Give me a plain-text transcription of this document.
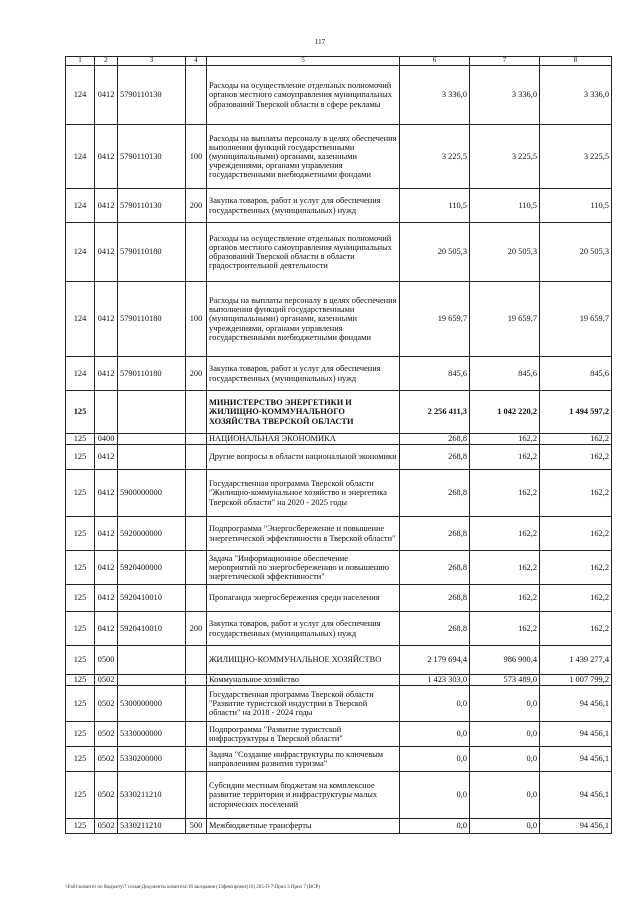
117
1	2	3	4	5	6	7	8
124	0412	5790110130		Расходы на осуществление отдельных полномочий органов местного самоуправления муниципальных образований Тверской области в сфере рекламы	3 336,0	3 336,0	3 336,0
124	0412	5790110130	100	Расходы на выплаты персоналу в целях обеспечения выполнения функций государственными (муниципальными) органами, казенными учреждениями, органами управления государственными внебюджетными фондами	3 225,5	3 225,5	3 225,5
124	0412	5790110130	200	Закупка товаров, работ и услуг для обеспечения государственных (муниципальных) нужд	110,5	110,5	110,5
124	0412	5790110180		Расходы на осуществление отдельных полномочий органов местного самоуправления муниципальных образований Тверской области в области градостроительной деятельности	20 505,3	20 505,3	20 505,3
124	0412	5790110180	100	Расходы на выплаты персоналу в целях обеспечения выполнения функций государственными (муниципальными) органами, казенными учреждениями, органами управления государственными внебюджетными фондами	19 659,7	19 659,7	19 659,7
124	0412	5790110180	200	Закупка товаров, работ и услуг для обеспечения государственных (муниципальных) нужд	845,6	845,6	845,6
125				МИНИСТЕРСТВО ЭНЕРГЕТИКИ И ЖИЛИЩНО-КОММУНАЛЬНОГО ХОЗЯЙСТВА ТВЕРСКОЙ ОБЛАСТИ	2 256 411,3	1 042 220,2	1 494 597,2
125	0400			НАЦИОНАЛЬНАЯ ЭКОНОМИКА	268,8	162,2	162,2
125	0412			Другие вопросы в области национальной экономики	268,8	162,2	162,2
125	0412	5900000000		Государственная программа Тверской области "Жилищно-коммунальное хозяйство и энергетика Тверской области" на 2020 - 2025 годы	268,8	162,2	162,2
125	0412	5920000000		Подпрограмма "Энергосбережение и повышение энергетической эффективности в Тверской области"	268,8	162,2	162,2
125	0412	5920400000		Задача "Информационное обеспечение мероприятий по энергосбережению и повышению энергетической эффективности"	268,8	162,2	162,2
125	0412	5920410010		Пропаганда энергосбережения среди населения	268,8	162,2	162,2
125	0412	5920410010	200	Закупка товаров, работ и услуг для обеспечения государственных (муниципальных) нужд	268,8	162,2	162,2
125	0500			ЖИЛИЩНО-КОММУНАЛЬНОЕ ХОЗЯЙСТВО	2 179 694,4	986 900,4	1 439 277,4
125	0502			Коммунальное хозяйство	1 423 303,0	573 489,0	1 007 799,2
125	0502	5300000000		Государственная программа Тверской области "Развитие туристской индустрии в Тверской области" на 2018 - 2024 годы	0,0	0,0	94 456,1
125	0502	5330000000		Подпрограмма "Развитие туристской инфраструктуры в Тверской области"	0,0	0,0	94 456,1
125	0502	5330200000		Задача "Создание инфраструктуры по ключевым направлениям развития туризма"	0,0	0,0	94 456,1
125	0502	5330211210		Субсидии местным бюджетам на комплексное развитие территории и инфраструктуры малых исторических поселений	0,0	0,0	94 456,1
125	0502	5330211210	500	Межбюджетные трансферты	0,0	0,0	94 456,1
\\Fa01\комитет по бюджету\7 созыв\Документы комитета\16 заседание (13фев\проект(16) 265-П-7\Прил 3 Прил 7 (ВСР)
